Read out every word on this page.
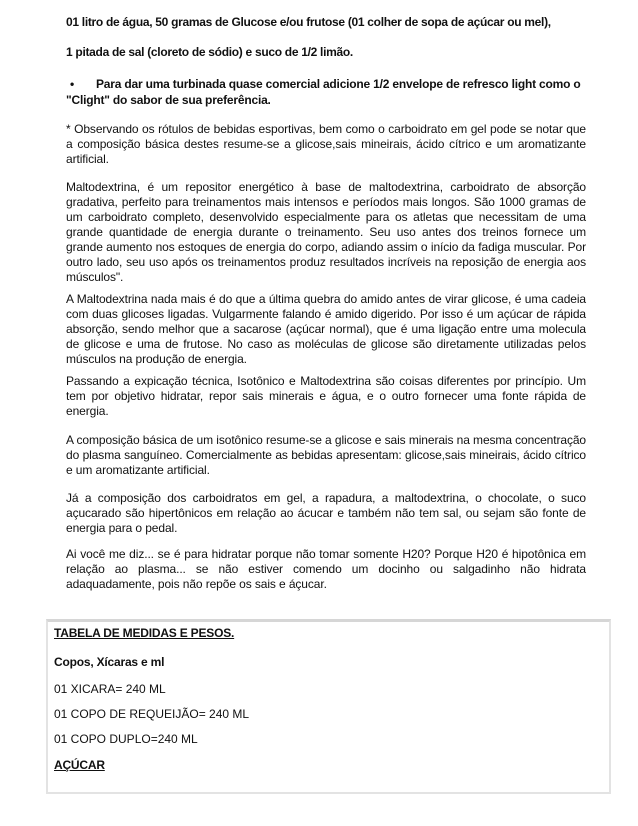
01 litro de água, 50 gramas de Glucose e/ou frutose (01 colher de sopa de açúcar ou mel),
1 pitada de sal (cloreto de sódio) e suco de 1/2 limão.
•	Para dar uma turbinada quase comercial adicione 1/2 envelope de refresco light como o
"Clight" do sabor de sua preferência.
* Observando os rótulos de bebidas esportivas, bem como o carboidrato em gel pode se notar que a composição básica destes resume-se a glicose,sais mineirais, ácido cítrico e um aromatizante artificial.
Maltodextrina, é um repositor energético à base de maltodextrina, carboidrato de absorção gradativa, perfeito para treinamentos mais intensos e períodos mais longos. São 1000 gramas de um carboidrato completo, desenvolvido especialmente para os atletas que necessitam de uma grande quantidade de energia durante o treinamento. Seu uso antes dos treinos fornece um grande aumento nos estoques de energia do corpo, adiando assim o início da fadiga muscular. Por outro lado, seu uso após os treinamentos produz resultados incríveis na reposição de energia aos músculos".
A Maltodextrina nada mais é do que a última quebra do amido antes de virar glicose, é uma cadeia com duas glicoses ligadas. Vulgarmente falando é amido digerido. Por isso é um açúcar de rápida absorção, sendo melhor que a sacarose (açúcar normal), que é uma ligação entre uma molecula de glicose e uma de frutose. No caso as moléculas de glicose são diretamente utilizadas pelos músculos na produção de energia.
Passando a expicação técnica, Isotônico e Maltodextrina são coisas diferentes por princípio. Um tem por objetivo hidratar, repor sais minerais e água, e o outro fornecer uma fonte rápida de energia.
A composição básica de um isotônico resume-se a glicose e sais minerais na mesma concentração do plasma sanguíneo. Comercialmente as bebidas apresentam: glicose,sais mineirais, ácido cítrico e um aromatizante artificial.
Já a composição dos carboidratos em gel, a rapadura, a maltodextrina, o chocolate, o suco açucarado são hipertônicos em relação ao ácucar e também não tem sal, ou sejam são fonte de energia para o pedal.
Ai você me diz... se é para hidratar porque não tomar somente H20? Porque H20 é hipotônica em relação ao plasma... se não estiver comendo um docinho ou salgadinho não hidrata adaquadamente, pois não repõe os sais e áçucar.
TABELA DE MEDIDAS E PESOS.
Copos, Xícaras e ml
01 XICARA= 240 ML
01 COPO DE REQUEIJÃO= 240 ML
01 COPO DUPLO=240 ML
AÇÚCAR
